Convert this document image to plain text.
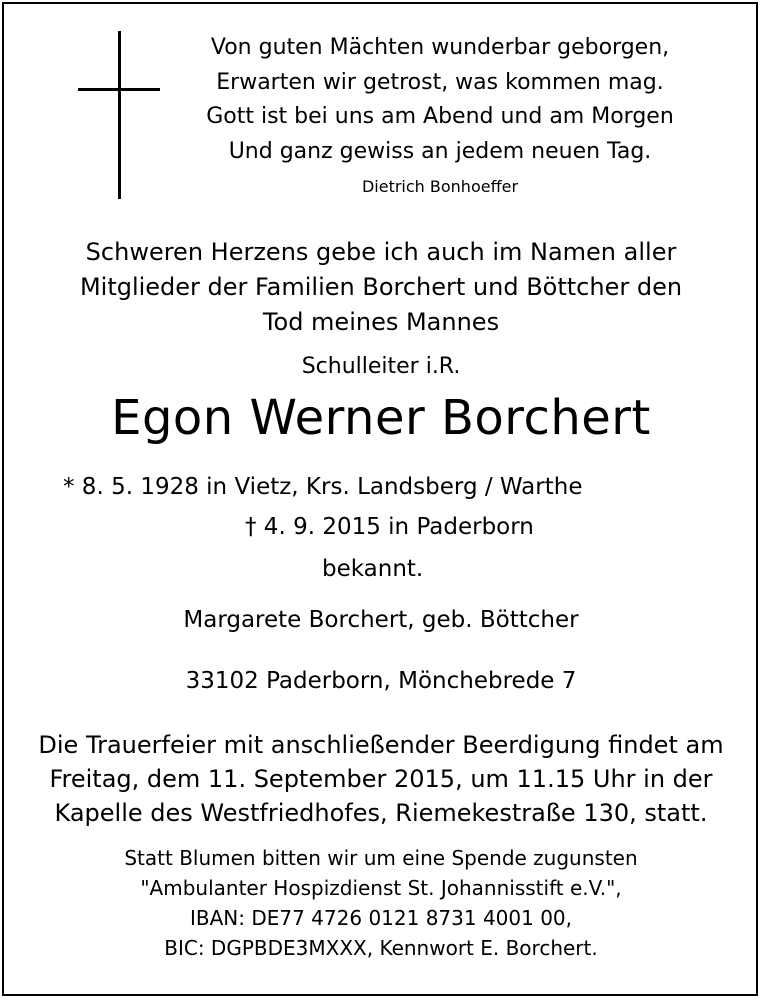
Von guten Mächten wunderbar geborgen,
Erwarten wir getrost, was kommen mag.
Gott ist bei uns am Abend und am Morgen
Und ganz gewiss an jedem neuen Tag.
Dietrich Bonhoeffer
Schweren Herzens gebe ich auch im Namen aller
Mitglieder der Familien Borchert und Böttcher den
Tod meines Mannes
Schulleiter i.R.
Egon Werner Borchert
* 8. 5. 1928 in Vietz, Krs. Landsberg / Warthe
† 4. 9. 2015 in Paderborn
bekannt.
Margarete Borchert, geb. Böttcher
33102 Paderborn, Mönchebrede 7
Die Trauerfeier mit anschließender Beerdigung findet am
Freitag, dem 11. September 2015, um 11.15 Uhr in der
Kapelle des Westfriedhofes, Riemekestraße 130, statt.
Statt Blumen bitten wir um eine Spende zugunsten
"Ambulanter Hospizdienst St. Johannisstift e.V.",
IBAN: DE77 4726 0121 8731 4001 00,
BIC: DGPBDE3MXXX, Kennwort E. Borchert.
